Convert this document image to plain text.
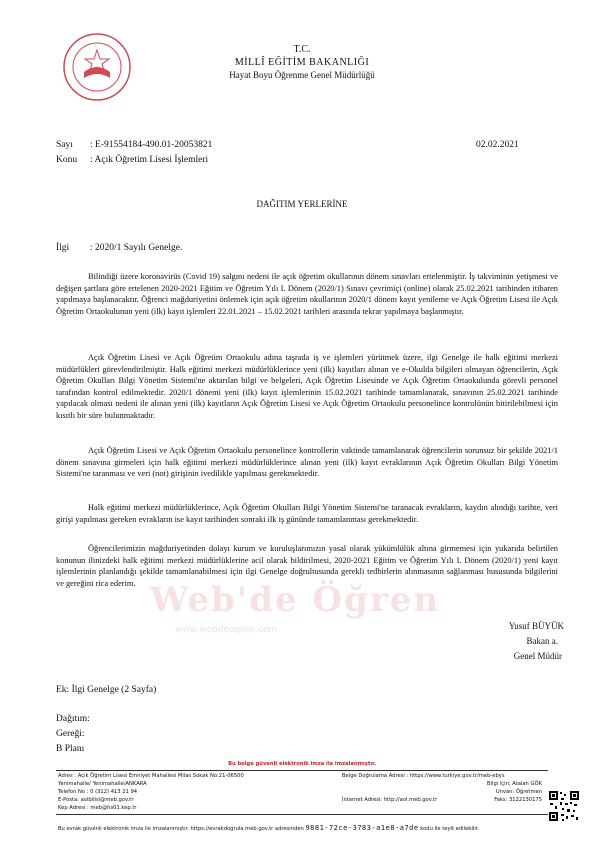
T.C.
MİLLÎ EĞİTİM BAKANLIĞI
Hayat Boyu Öğrenme Genel Müdürlüğü
Sayı : E-91554184-490.01-20053821	02.02.2021
Konu : Açık Öğretim Lisesi İşlemleri
DAĞITIM YERLERİNE
İlgi : 2020/1 Sayılı Genelge.
Web'de Öğren
www.webdeogren.com
Bilindiği üzere koronavirüs (Covid 19) salgını nedeni ile açık öğretim okullarının dönem sınavları ertelenmiştir. İş takviminin yetişmesi ve değişen şartlara göre ertelenen 2020-2021 Eğitim ve Öğretim Yılı I. Dönem (2020/1) Sınavı çevrimiçi (online) olarak 25.02.2021 tarihinden itibaren yapılmaya başlanacaktır. Öğrenci mağduriyetini önlemek için açık öğretim okullarının 2020/1 dönem kayıt yenileme ve Açık Öğretim Lisesi ile Açık Öğretim Ortaokulunun yeni (ilk) kayıt işlemleri 22.01.2021 – 15.02.2021 tarihleri arasında tekrar yapılmaya başlanmıştır.
Açık Öğretim Lisesi ve Açık Öğretim Ortaokulu adına taşrada iş ve işlemleri yürütmek üzere, ilgi Genelge ile halk eğitimi merkezi müdürlükleri görevlendirilmiştir. Halk eğitimi merkezi müdürlüklerince yeni (ilk) kayıtları alınan ve e-Okulda bilgileri olmayan öğrencilerin, Açık Öğretim Okulları Bilgi Yönetim Sistemi'ne aktarılan bilgi ve belgeleri, Açık Öğretim Lisesinde ve Açık Öğretim Ortaokulunda görevli personel tarafından kontrol edilmektedir. 2020/1 dönemi yeni (ilk) kayıt işlemlerinin 15.02.2021 tarihinde tamamlanarak, sınavının 25.02.2021 tarihinde yapılacak olması nedeni ile alınan yeni (ilk) kayıtların Açık Öğretim Lisesi ve Açık Öğretim Ortaokulu personelince kontrolünün bitirilebilmesi için kısıtlı bir süre bulunmaktadır.
Açık Öğretim Lisesi ve Açık Öğretim Ortaokulu personelince kontrollerin vaktinde tamamlanarak öğrencilerin sorunsuz bir şekilde 2021/1 dönem sınavına girmeleri için halk eğitimi merkezi müdürlüklerince alınan yeni (ilk) kayıt evraklarının Açık Öğretim Okulları Bilgi Yönetim Sistemi'ne taranması ve veri (not) girişinin ivedilikle yapılması gerekmektedir.
Halk eğitimi merkezi müdürlüklerince, Açık Öğretim Okulları Bilgi Yönetim Sistemi'ne taranacak evrakların, kaydın alındığı tarihte, veri girişi yapılması gereken evrakların ise kayıt tarihinden sonraki ilk iş gününde tamamlanması gerekmektedir.
Öğrencilerimizin mağduriyetinden dolayı kurum ve kuruluşlarımızın yasal olarak yükümlülük altına girmemesi için yukarıda belirtilen konunun ilinizdeki halk eğitimi merkezi müdürlüklerine acil olarak bildirilmesi, 2020-2021 Eğitim ve Öğretim Yılı I. Dönem (2020/1) yeni kayıt işlemlerinin planlandığı şekilde tamamlanabilmesi için ilgi Genelge doğrultusunda gerekli tedbirlerin alınmasının sağlanması hususunda bilgilerini ve gereğini rica ederim.
Yusuf BÜYÜK
Bakan a.
Genel Müdür
Ek: İlgi Genelge (2 Sayfa)
Dağıtım:
Gereği:
B Planı
Bu belge güvenli elektronik imza ile imzalanmıştır.
Adres : Açık Öğretim Lisesi Emniyet Mahallesi Milas Sokak No:21-06500
Yenimahalle/ Yenimahalle/ANKARA
Telefon No : 0 (312) 413 21 94
E-Posta: aolbilisi@meb.gov.tr
Kep Adresi : meb@hs01.kep.tr
Belge Doğrulama Adresi : https://www.turkiye.gov.tr/meb-ebys
Bilgi için: Atalan GÖK
Unvan: Öğretmen
İnternet Adresi: http://aol.meb.gov.tr	Faks: 3122130175
Bu evrak güvenli elektronik imza ile imzalanmıştır. https://evrakdogrula.meb.gov.tr adresinden 9881-72ce-3783-a1e8-a7de kodu ile teyit edilebilir.
